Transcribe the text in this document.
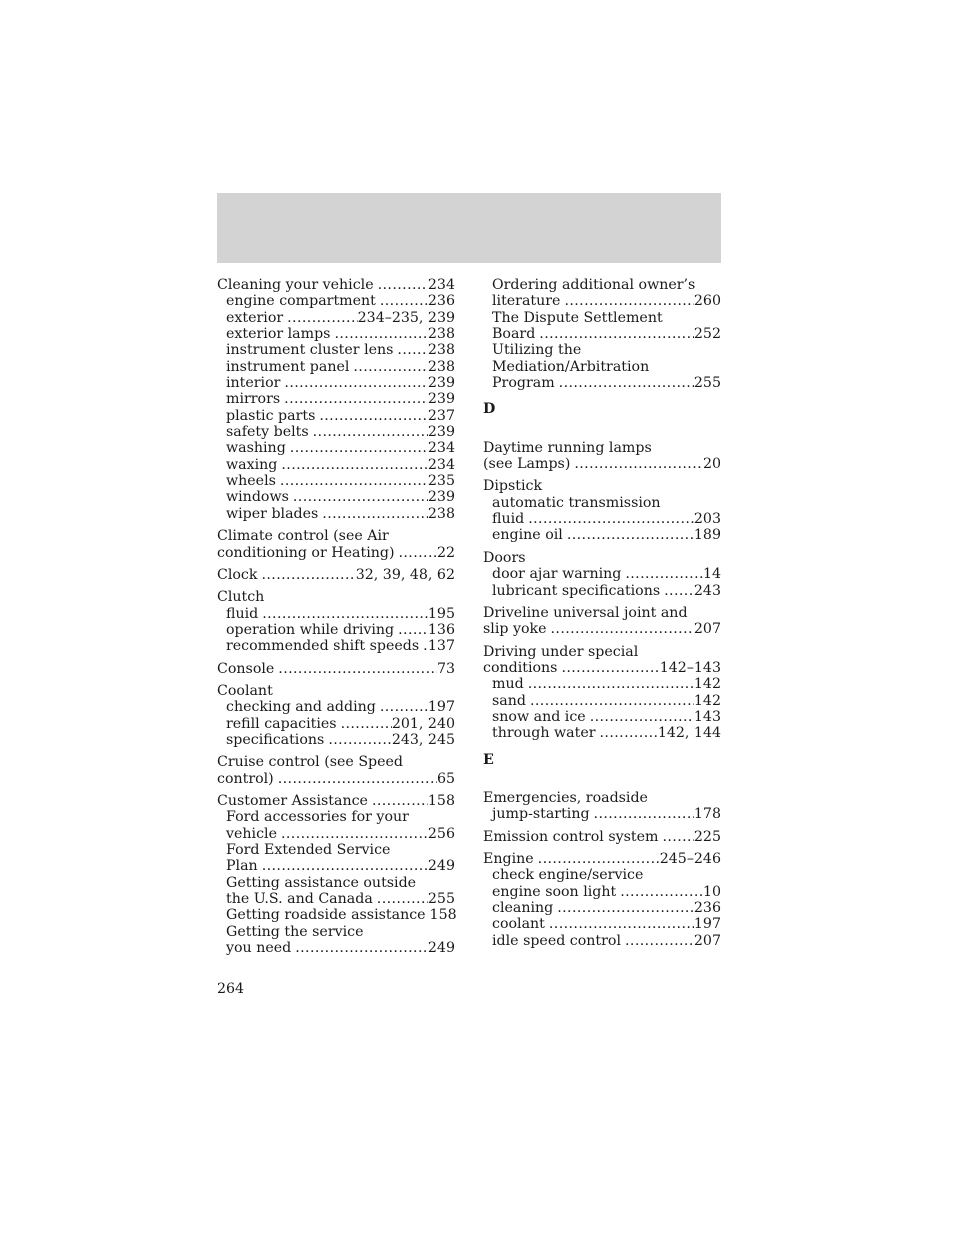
Cleaning your vehicle .....	234
engine compartment .....	236
exterior .....	234–235, 239
exterior lamps .....	238
instrument cluster lens ..... 238
instrument panel .....	238
interior .....	239
mirrors .....	239
plastic parts .....	237
safety belts .....	239
washing .....	234
waxing .....	234
wheels .....	235
windows .....	239
wiper blades .....	238
Climate control (see Air
conditioning or Heating) .....	22
Clock .....	32, 39, 48, 62
Clutch
fluid .....	195
operation while driving ..... 136
recommended shift speeds ..... 137
Console .....	73
Coolant
checking and adding .....	197
refill capacities .....	201, 240
specifications .....	243, 245
Cruise control (see Speed
control) .....	65
Customer Assistance .....	158
Ford accessories for your
vehicle .....	256
Ford Extended Service
Plan .....	249
Getting assistance outside
the U.S. and Canada .....	255
Getting roadside assistance 158
Getting the service
you need .....	249
Ordering additional owner’s
literature .....	260
The Dispute Settlement
Board .....	252
Utilizing the
Mediation/Arbitration
Program .....	255
D
Daytime running lamps
(see Lamps) .....	20
Dipstick
automatic transmission
fluid .....	203
engine oil .....	189
Doors
door ajar warning .....	14
lubricant specifications ..... 243
Driveline universal joint and
slip yoke .....	207
Driving under special
conditions .....	142–143
mud .....	142
sand .....	142
snow and ice .....	143
through water .....	142, 144
E
Emergencies, roadside
jump-starting .....	178
Emission control system ..... 225
Engine .....	245–246
check engine/service
engine soon light .....	10
cleaning .....	236
coolant .....	197
idle speed control .....	207
264
